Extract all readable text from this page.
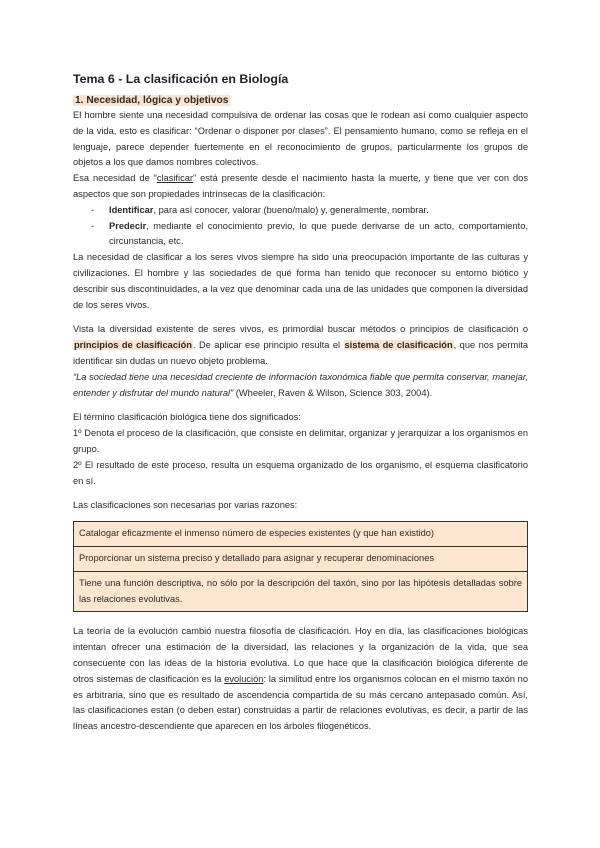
Tema 6 - La clasificación en Biología
1. Necesidad, lógica y objetivos

El hombre siente una necesidad compulsiva de ordenar las cosas que le rodean así como cualquier aspecto de la vida, esto es clasificar: “Ordenar o disponer por clases”. El pensamiento humano, como se refleja en el lenguaje, parece depender fuertemente en el reconocimiento de grupos, particularmente los grupos de objetos a los que damos nombres colectivos.

Esa necesidad de “clasificar” está presente desde el nacimiento hasta la muerte, y tiene que ver con dos aspectos que son propiedades intrínsecas de la clasificación:

- Identificar, para así conocer, valorar (bueno/malo) y, generalmente, nombrar.
- Predecir, mediante el conocimiento previo, lo que puede derivarse de un acto, comportamiento, circunstancia, etc.

La necesidad de clasificar a los seres vivos siempre ha sido una preocupación importante de las culturas y civilizaciones. El hombre y las sociedades de qué forma han tenido que reconocer su entorno biótico y describir sus discontinuidades, a la vez que denominar cada una de las unidades que componen la diversidad de los seres vivos.

Vista la diversidad existente de seres vivos, es primordial buscar métodos o principios de clasificación o principios de clasificación. De aplicar ese principio resulta el sistema de clasificación, que nos permita identificar sin dudas un nuevo objeto problema.

“La sociedad tiene una necesidad creciente de información taxonómica fiable que permita conservar, manejar, entender y disfrutar del mundo natural” (Wheeler, Raven & Wilson, Science 303, 2004).

El término clasificación biológica tiene dos significados:

1º Denota el proceso de la clasificación, que consiste en delimitar, organizar y jerarquizar a los organismos en grupo.

2º El resultado de este proceso, resulta un esquema organizado de los organismo, el esquema clasificatorio en sí.

Las clasificaciones son necesarias por varias razones:

Catalogar eficazmente el inmenso número de especies existentes (y que han existido)
Proporcionar un sistema preciso y detallado para asignar y recuperar denominaciones
Tiene una función descriptiva, no sólo por la descripción del taxón, sino por las hipótesis detalladas sobre las relaciones evolutivas.

La teoría de la evolución cambió nuestra filosofía de clasificación. Hoy en día, las clasificaciones biológicas intentan ofrecer una estimación de la diversidad, las relaciones y la organización de la vida, que sea consecuente con las ideas de la historia evolutiva. Lo que hace que la clasificación biológica diferente de otros sistemas de clasificación es la evolución: la similitud entre los organismos colocan en el mismo taxón no es arbitraria, sino que es resultado de ascendencia compartida de su más cercano antepasado común. Así, las clasificaciones están (o deben estar) construidas a partir de relaciones evolutivas, es decir, a partir de las líneas ancestro-descendiente que aparecen en los árboles filogenéticos.
